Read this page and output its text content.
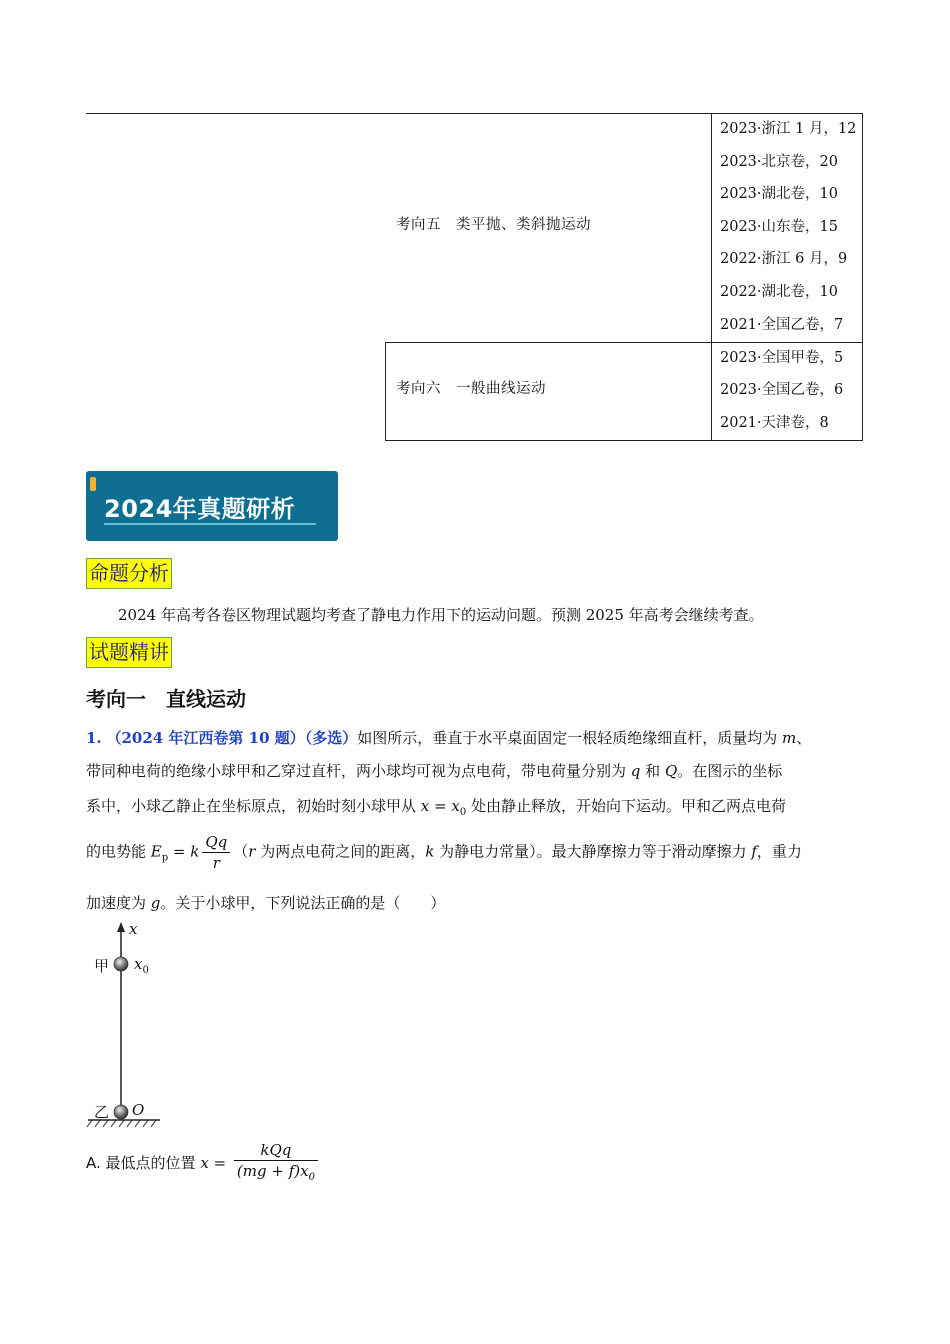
考向五　类平抛、类斜抛运动
2023·浙江 1 月，12
2023·北京卷，20
2023·湖北卷，10
2023·山东卷，15
2022·浙江 6 月，9
2022·湖北卷，10
2021·全国乙卷，7
考向六　一般曲线运动
2023·全国甲卷，5
2023·全国乙卷，6
2021·天津卷，8
2024年真题研析
命题分析
2024 年高考各卷区物理试题均考查了静电力作用下的运动问题。预测 2025 年高考会继续考查。
试题精讲
考向一　直线运动
1. （2024 年江西卷第 10 题）（多选）如图所示，垂直于水平桌面固定一根轻质绝缘细直杆，质量均为 m、
带同种电荷的绝缘小球甲和乙穿过直杆，两小球均可视为点电荷，带电荷量分别为 q 和 Q。在图示的坐标
系中，小球乙静止在坐标原点，初始时刻小球甲从 $x = x_0$ 处由静止释放，开始向下运动。甲和乙两点电荷
的电势能 $E_p = k \frac{Qq}{r} (r$ 为两点电荷之间的距离，k 为静电力常量）。最大静摩擦力等于滑动摩擦力 f，重力
加速度为 g。关于小球甲，下列说法正确的是（　　）
x
甲 $x_0$
乙 O
A. 最低点的位置 $x = \frac{\text{kQq}}{(mg + f)x_0}$
